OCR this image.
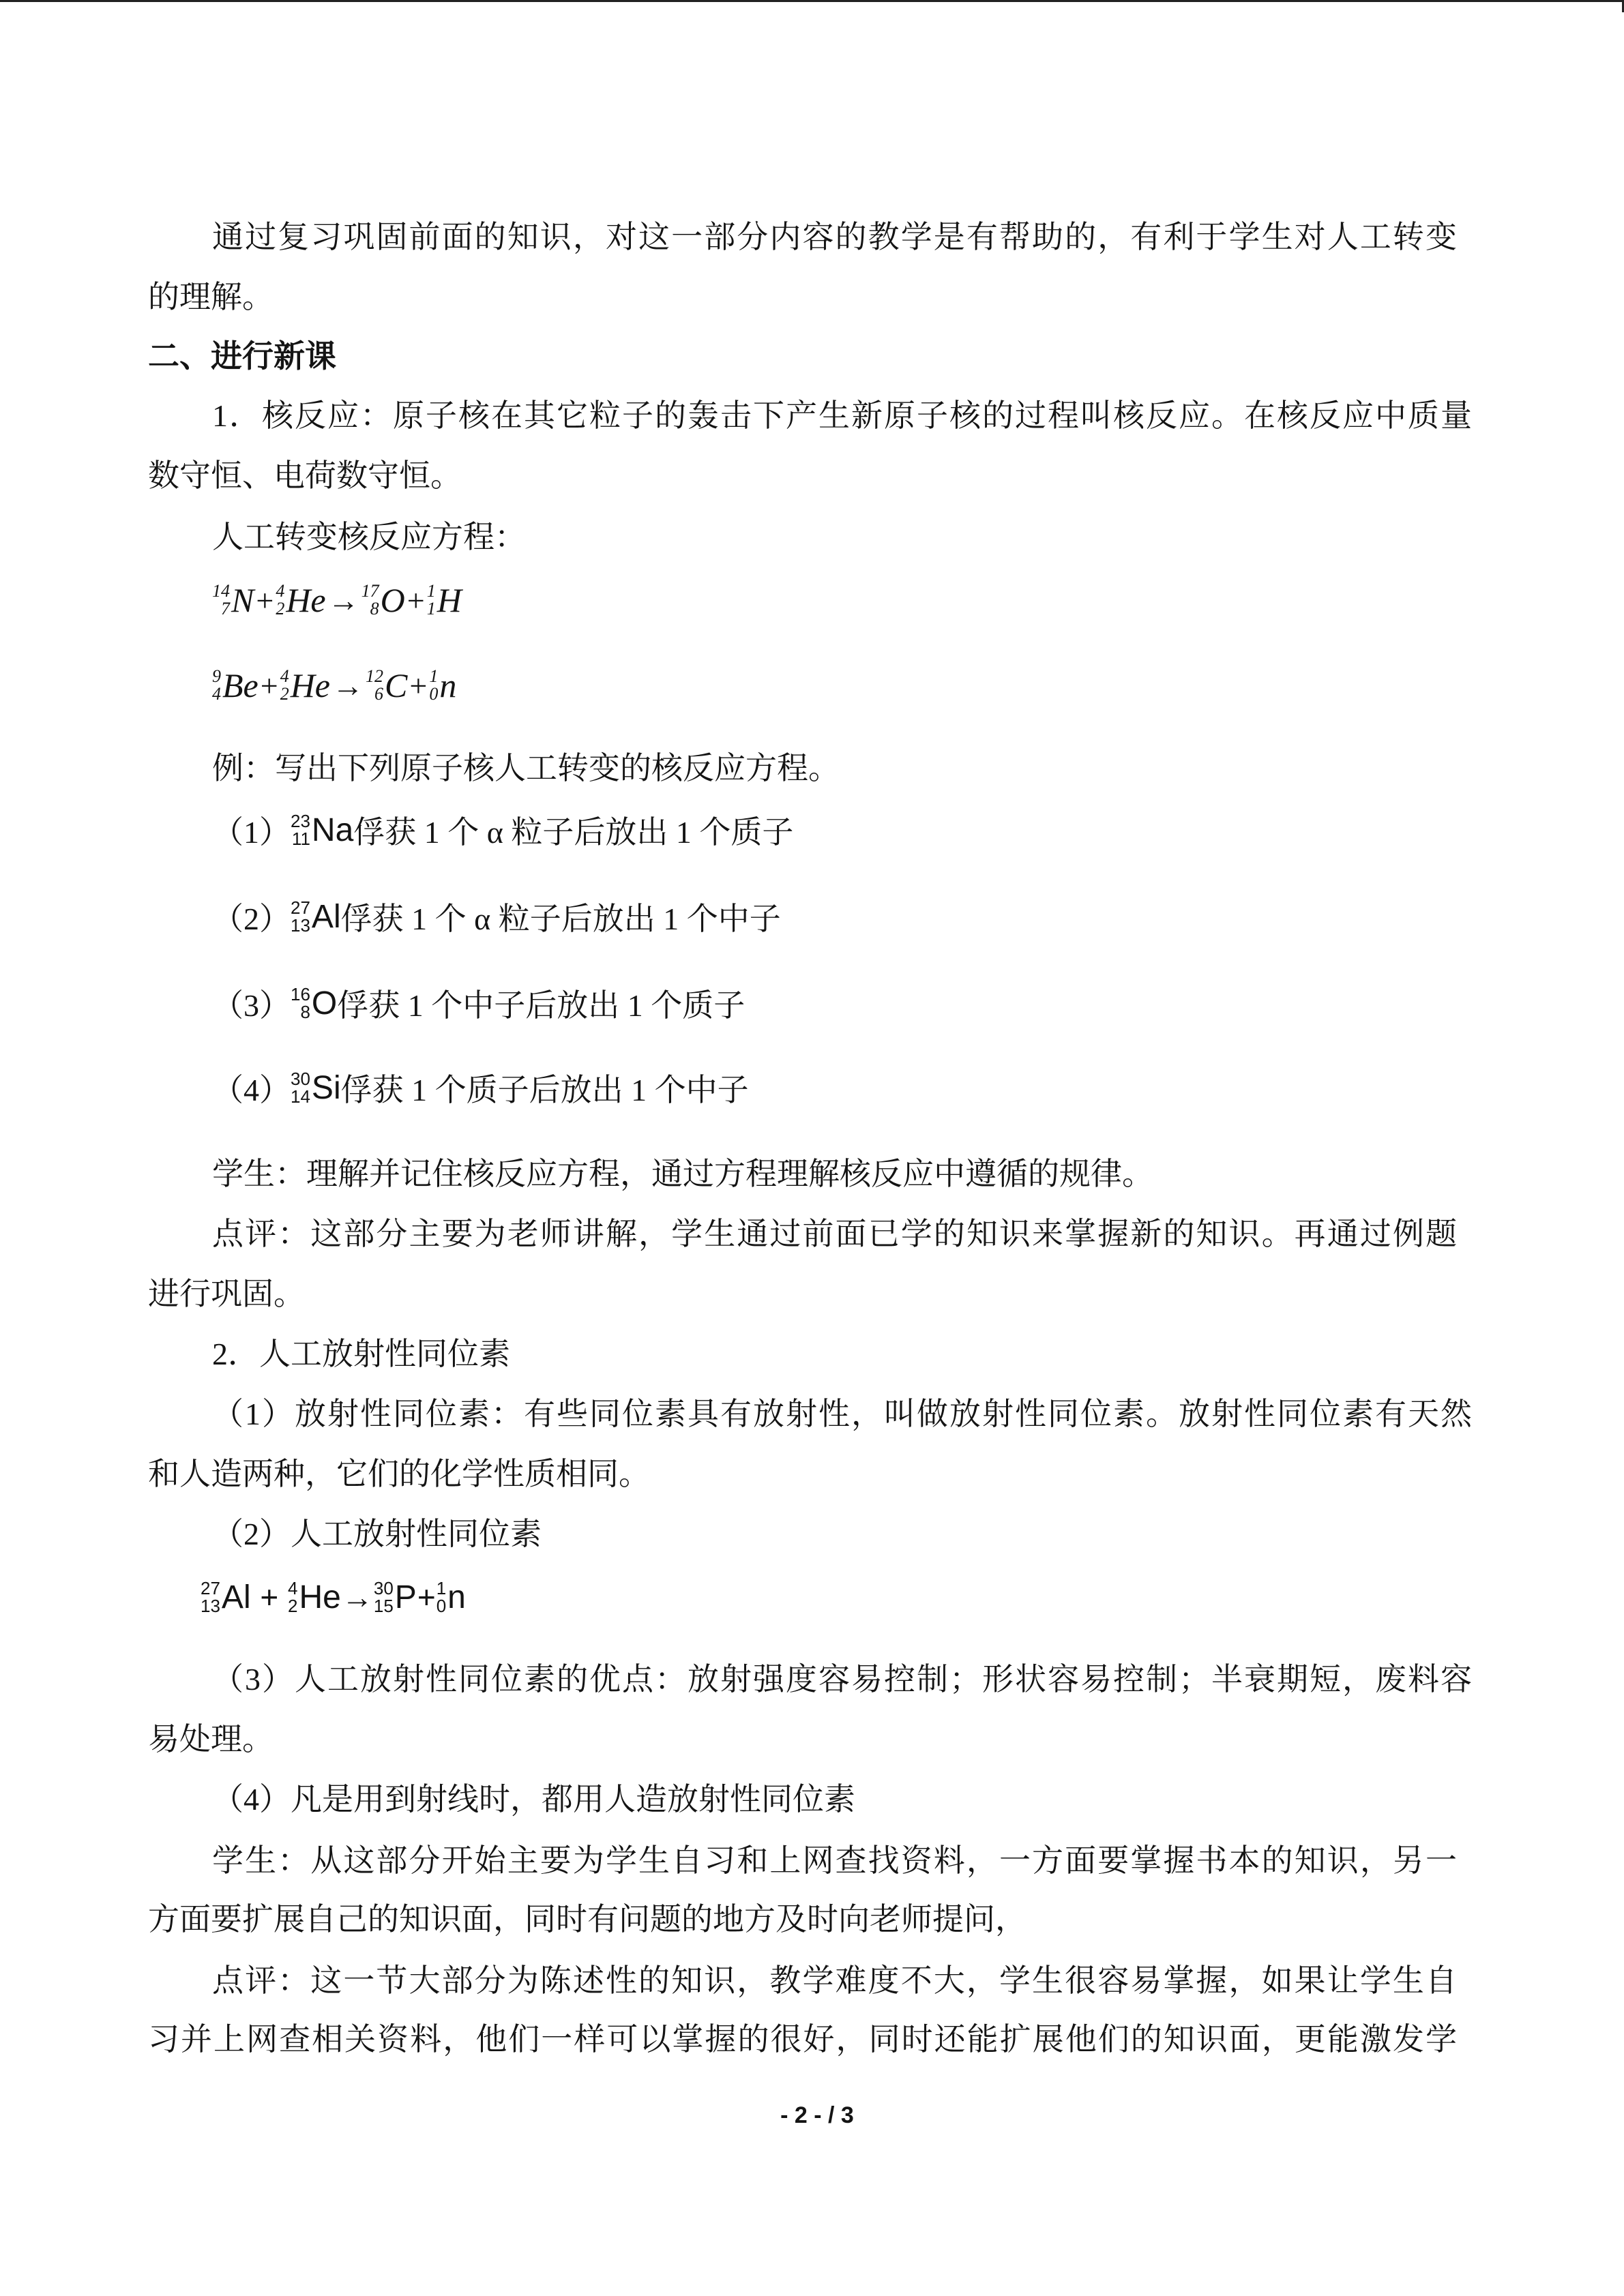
通过复习巩固前面的知识，对这一部分内容的教学是有帮助的，有利于学生对人工转变
的理解。
二、进行新课
1．核反应：原子核在其它粒子的轰击下产生新原子核的过程叫核反应。在核反应中质量
数守恒、电荷数守恒。
人工转变核反应方程：
14
7 N + 4
2 He → 17
8 O + 1
1 H
9
4 Be + 4
2 He → 12
6 C + 1
0 n
例：写出下列原子核人工转变的核反应方程。
（1） 23
11 Na 俘获 1 个 α 粒子后放出 1 个质子
（2） 27
13 Al 俘获 1 个 α 粒子后放出 1 个中子
（3） 16
8 O 俘获 1 个中子后放出 1 个质子
（4） 30
14 Si 俘获 1 个质子后放出 1 个中子
学生：理解并记住核反应方程，通过方程理解核反应中遵循的规律。
点评：这部分主要为老师讲解，学生通过前面已学的知识来掌握新的知识。再通过例题
进行巩固。
2．人工放射性同位素
（1）放射性同位素：有些同位素具有放射性，叫做放射性同位素。放射性同位素有天然
和人造两种，它们的化学性质相同。
（2）人工放射性同位素
27
13 Al + 4
2 He → 30
15 P + 1
0 n
（3）人工放射性同位素的优点：放射强度容易控制；形状容易控制；半衰期短，废料容
易处理。
（4）凡是用到射线时，都用人造放射性同位素
学生：从这部分开始主要为学生自习和上网查找资料，一方面要掌握书本的知识，另一
方面要扩展自己的知识面，同时有问题的地方及时向老师提问，
点评：这一节大部分为陈述性的知识，教学难度不大，学生很容易掌握，如果让学生自
习并上网查相关资料，他们一样可以掌握的很好，同时还能扩展他们的知识面，更能激发学
- 2 - / 3
